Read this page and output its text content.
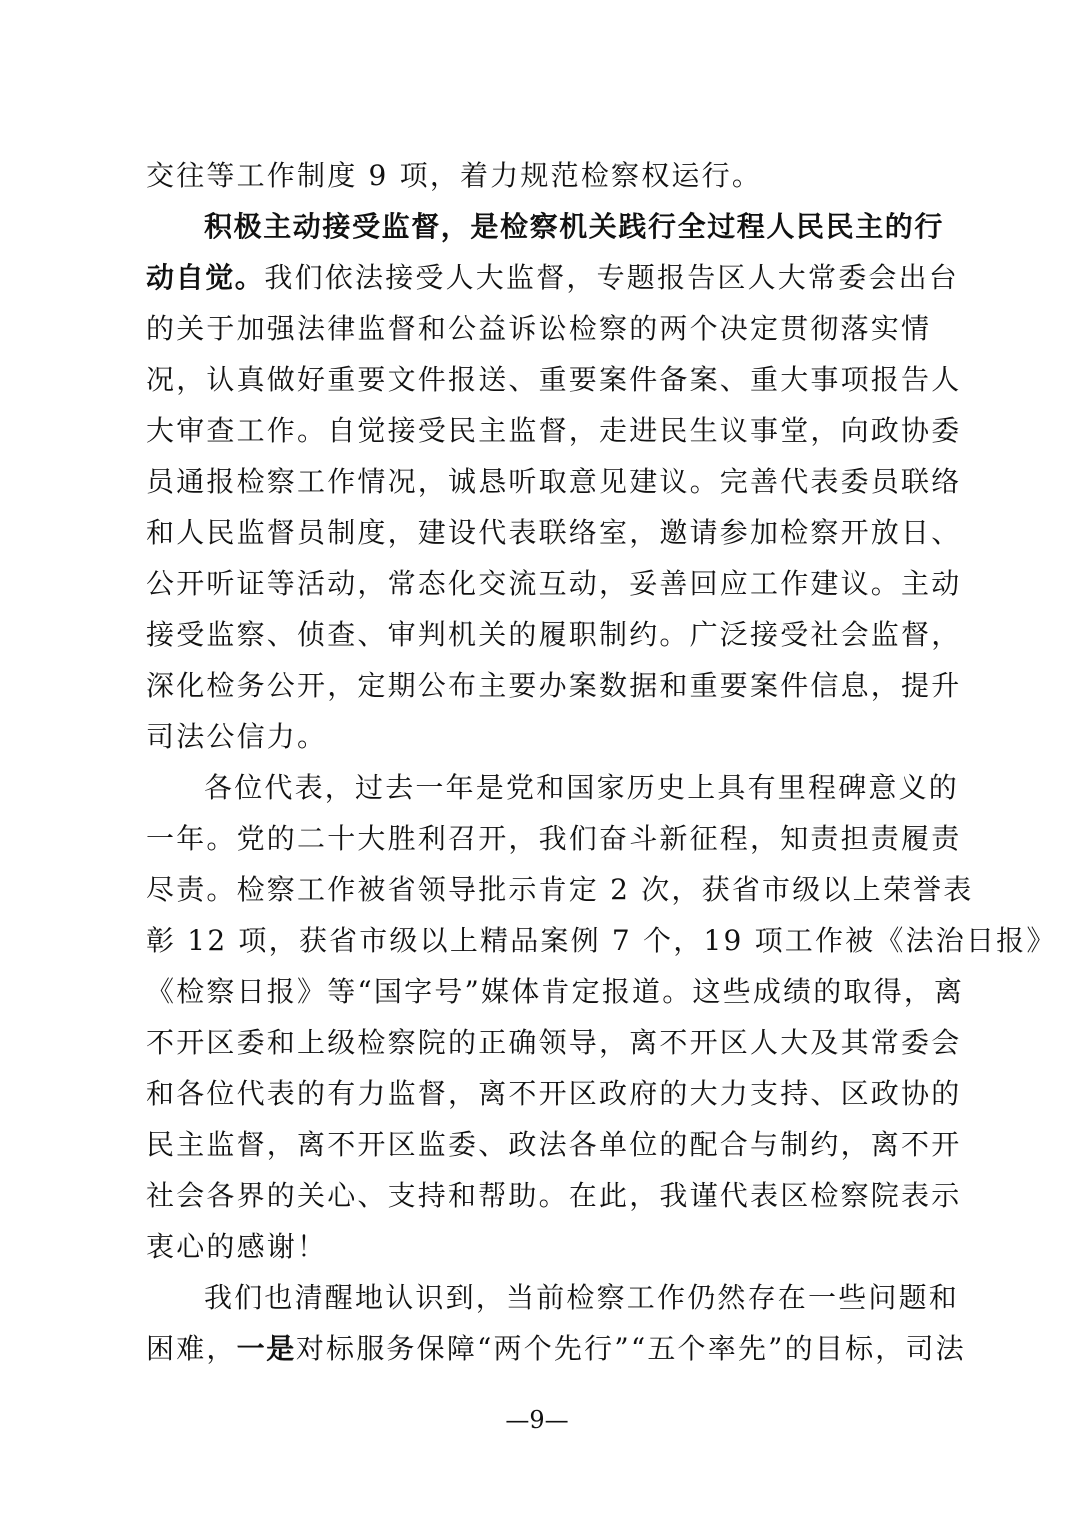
交往等工作制度 9 项，着力规范检察权运行。
积极主动接受监督，是检察机关践行全过程人民民主的行
动自觉。我们依法接受人大监督，专题报告区人大常委会出台
的关于加强法律监督和公益诉讼检察的两个决定贯彻落实情
况，认真做好重要文件报送、重要案件备案、重大事项报告人
大审查工作。自觉接受民主监督，走进民生议事堂，向政协委
员通报检察工作情况，诚恳听取意见建议。完善代表委员联络
和人民监督员制度，建设代表联络室，邀请参加检察开放日、
公开听证等活动，常态化交流互动，妥善回应工作建议。主动
接受监察、侦查、审判机关的履职制约。广泛接受社会监督，
深化检务公开，定期公布主要办案数据和重要案件信息，提升
司法公信力。
各位代表，过去一年是党和国家历史上具有里程碑意义的
一年。党的二十大胜利召开，我们奋斗新征程，知责担责履责
尽责。检察工作被省领导批示肯定 2 次，获省市级以上荣誉表
彰 12 项，获省市级以上精品案例 7 个，19 项工作被《法治日报》
《检察日报》等“国字号”媒体肯定报道。这些成绩的取得，离
不开区委和上级检察院的正确领导，离不开区人大及其常委会
和各位代表的有力监督，离不开区政府的大力支持、区政协的
民主监督，离不开区监委、政法各单位的配合与制约，离不开
社会各界的关心、支持和帮助。在此，我谨代表区检察院表示
衷心的感谢！
我们也清醒地认识到，当前检察工作仍然存在一些问题和
困难，一是对标服务保障“两个先行”“五个率先”的目标，司法
—9—
